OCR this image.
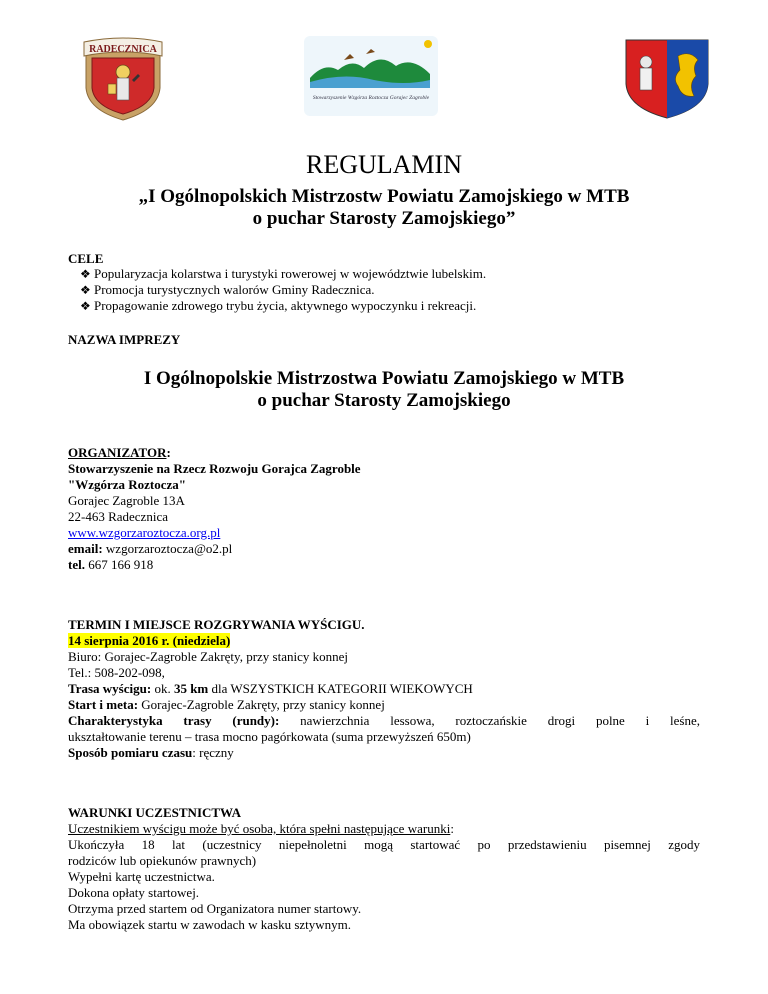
RADECZNICA
Stowarzyszenie Wzgórza Roztocza Gorajec Zagroble
REGULAMIN
„I Ogólnopolskich Mistrzostw Powiatu Zamojskiego w MTB
o puchar Starosty Zamojskiego”
CELE
❖ Popularyzacja kolarstwa i turystyki rowerowej w województwie lubelskim.
❖ Promocja turystycznych walorów Gminy Radecznica.
❖ Propagowanie zdrowego trybu życia, aktywnego wypoczynku i rekreacji.
NAZWA IMPREZY
I Ogólnopolskie Mistrzostwa Powiatu Zamojskiego w MTB
o puchar Starosty Zamojskiego
ORGANIZATOR:
Stowarzyszenie na Rzecz Rozwoju Gorajca Zagroble
"Wzgórza Roztocza"
Gorajec Zagroble 13A
22-463 Radecznica
www.wzgorzaroztocza.org.pl
email: wzgorzaroztocza@o2.pl
tel. 667 166 918
TERMIN I MIEJSCE ROZGRYWANIA WYŚCIGU.
14 sierpnia 2016 r. (niedziela)
Biuro: Gorajec-Zagroble Zakręty, przy stanicy konnej
Tel.: 508-202-098,
Trasa wyścigu: ok. 35 km dla WSZYSTKICH KATEGORII WIEKOWYCH
Start i meta: Gorajec-Zagroble Zakręty, przy stanicy konnej
Charakterystyka trasy (rundy): nawierzchnia lessowa, roztoczańskie drogi polne i leśne,
ukształtowanie terenu – trasa mocno pagórkowata (suma przewyższeń 650m)
Sposób pomiaru czasu: ręczny
WARUNKI UCZESTNICTWA
Uczestnikiem wyścigu może być osoba, która spełni następujące warunki:
Ukończyła 18 lat (uczestnicy niepełnoletni mogą startować po przedstawieniu pisemnej zgody
rodziców lub opiekunów prawnych)
Wypełni kartę uczestnictwa.
Dokona opłaty startowej.
Otrzyma przed startem od Organizatora numer startowy.
Ma obowiązek startu w zawodach w kasku sztywnym.
